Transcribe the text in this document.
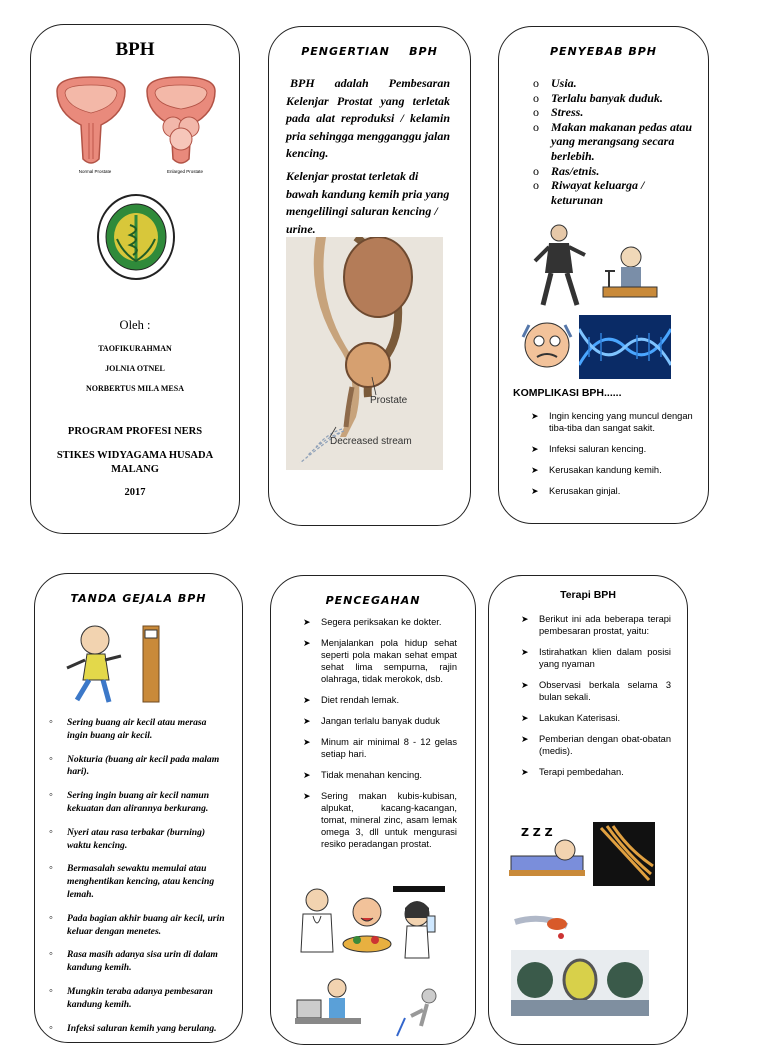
BPH
Normal Prostate	Enlarged Prostate
Oleh :
TAOFIKURAHMAN
JOLNIA OTNEL
NORBERTUS MILA MESA
PROGRAM PROFESI NERS
STIKES WIDYAGAMA HUSADA MALANG
2017
PENGERTIAN    BPH
BPH adalah Pembesaran Kelenjar Prostat yang terletak pada alat reproduksi / kelamin pria sehingga mengganggu jalan kencing.
Kelenjar prostat terletak di bawah kandung kemih pria yang mengelilingi saluran kencing / urine.
Prostate
Decreased stream
PENYEBAB BPH
o Usia.
o Terlalu banyak duduk.
o Stress.
o Makan makanan pedas atau yang merangsang secara berlebih.
o Ras/etnis.
o Riwayat keluarga / keturunan
KOMPLIKASI BPH......
➤ Ingin kencing yang muncul dengan tiba-tiba dan sangat sakit.
➤ Infeksi saluran kencing.
➤ Kerusakan kandung kemih.
➤ Kerusakan ginjal.
TANDA GEJALA BPH
◦ Sering buang air kecil atau merasa ingin buang air kecil.
◦ Nokturia (buang air kecil pada malam hari).
◦ Sering ingin buang air kecil namun kekuatan dan alirannya berkurang.
◦ Nyeri atau rasa terbakar (burning) waktu kencing.
◦ Bermasalah sewaktu memulai atau menghentikan kencing, atau kencing lemah.
◦ Pada bagian akhir buang air kecil, urin keluar dengan menetes.
◦ Rasa masih adanya sisa urin di dalam kandung kemih.
◦ Mungkin teraba adanya pembesaran kandung kemih.
◦ Infeksi saluran kemih yang berulang.
PENCEGAHAN
➤ Segera periksakan ke dokter.
➤ Menjalankan pola hidup sehat seperti pola makan sehat empat sehat lima sempurna, rajin olahraga, tidak merokok, dsb.
➤ Diet rendah lemak.
➤ Jangan terlalu banyak duduk
➤ Minum air minimal 8 - 12 gelas setiap hari.
➤ Tidak menahan kencing.
➤ Sering makan kubis-kubisan, alpukat, kacang-kacangan, tomat, mineral zinc, asam lemak omega 3, dll untuk mengurasi resiko peradangan prostat.
Terapi BPH
➤ Berikut ini ada beberapa terapi pembesaran prostat, yaitu:
➤ Istirahatkan klien dalam posisi yang nyaman
➤ Observasi berkala selama 3 bulan sekali.
➤ Lakukan Katerisasi.
➤ Pemberian dengan obat-obatan (medis).
➤ Terapi pembedahan.
Z Z Z
